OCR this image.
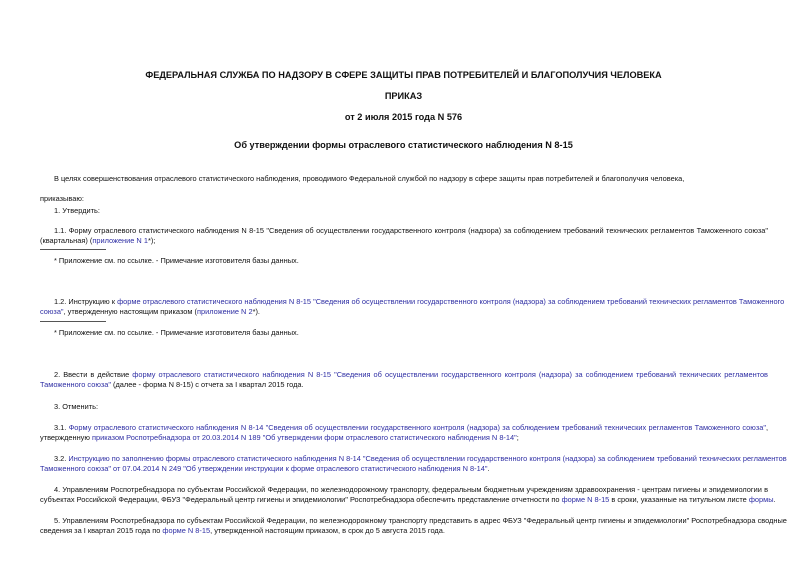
ФЕДЕРАЛЬНАЯ СЛУЖБА ПО НАДЗОРУ В СФЕРЕ ЗАЩИТЫ ПРАВ ПОТРЕБИТЕЛЕЙ И БЛАГОПОЛУЧИЯ ЧЕЛОВЕКА
ПРИКАЗ
от 2 июля 2015 года N 576
Об утверждении формы отраслевого статистического наблюдения N 8-15
В целях совершенствования отраслевого статистического наблюдения, проводимого Федеральной службой по надзору в сфере защиты прав потребителей и благополучия человека,
приказываю:
1. Утвердить:
1.1. Форму отраслевого статистического наблюдения N 8-15 "Сведения об осуществлении государственного контроля (надзора) за соблюдением требований технических регламентов Таможенного союза"
(квартальная) (приложение N 1*);
* Приложение см. по ссылке. - Примечание изготовителя базы данных.
1.2. Инструкцию к форме отраслевого статистического наблюдения N 8-15 "Сведения об осуществлении государственного контроля (надзора) за соблюдением требований технических регламентов Таможенного
союза", утвержденную настоящим приказом (приложение N 2*).
* Приложение см. по ссылке. - Примечание изготовителя базы данных.
2. Ввести в действие форму отраслевого статистического наблюдения N 8-15 "Сведения об осуществлении государственного контроля (надзора) за соблюдением требований технических регламентов
Таможенного союза" (далее - форма N 8-15) с отчета за I квартал 2015 года.
3. Отменить:
3.1. Форму отраслевого статистического наблюдения N 8-14 "Сведения об осуществлении государственного контроля (надзора) за соблюдением требований технических регламентов Таможенного союза",
утвержденную приказом Роспотребнадзора от 20.03.2014 N 189 "Об утверждении форм отраслевого статистического наблюдения N 8-14";
3.2. Инструкцию по заполнению формы отраслевого статистического наблюдения N 8-14 "Сведения об осуществлении государственного контроля (надзора) за соблюдением требований технических регламентов
Таможенного союза" от 07.04.2014 N 249 "Об утверждении инструкции к форме отраслевого статистического наблюдения N 8-14".
4. Управлениям Роспотребнадзора по субъектам Российской Федерации, по железнодорожному транспорту, федеральным бюджетным учреждениям здравоохранения - центрам гигиены и эпидемиологии в
субъектах Российской Федерации, ФБУЗ "Федеральный центр гигиены и эпидемиологии" Роспотребнадзора обеспечить представление отчетности по форме N 8-15 в сроки, указанные на титульном листе формы.
5. Управлениям Роспотребнадзора по субъектам Российской Федерации, по железнодорожному транспорту представить в адрес ФБУЗ "Федеральный центр гигиены и эпидемиологии" Роспотребнадзора сводные
сведения за I квартал 2015 года по форме N 8-15, утвержденной настоящим приказом, в срок до 5 августа 2015 года.
